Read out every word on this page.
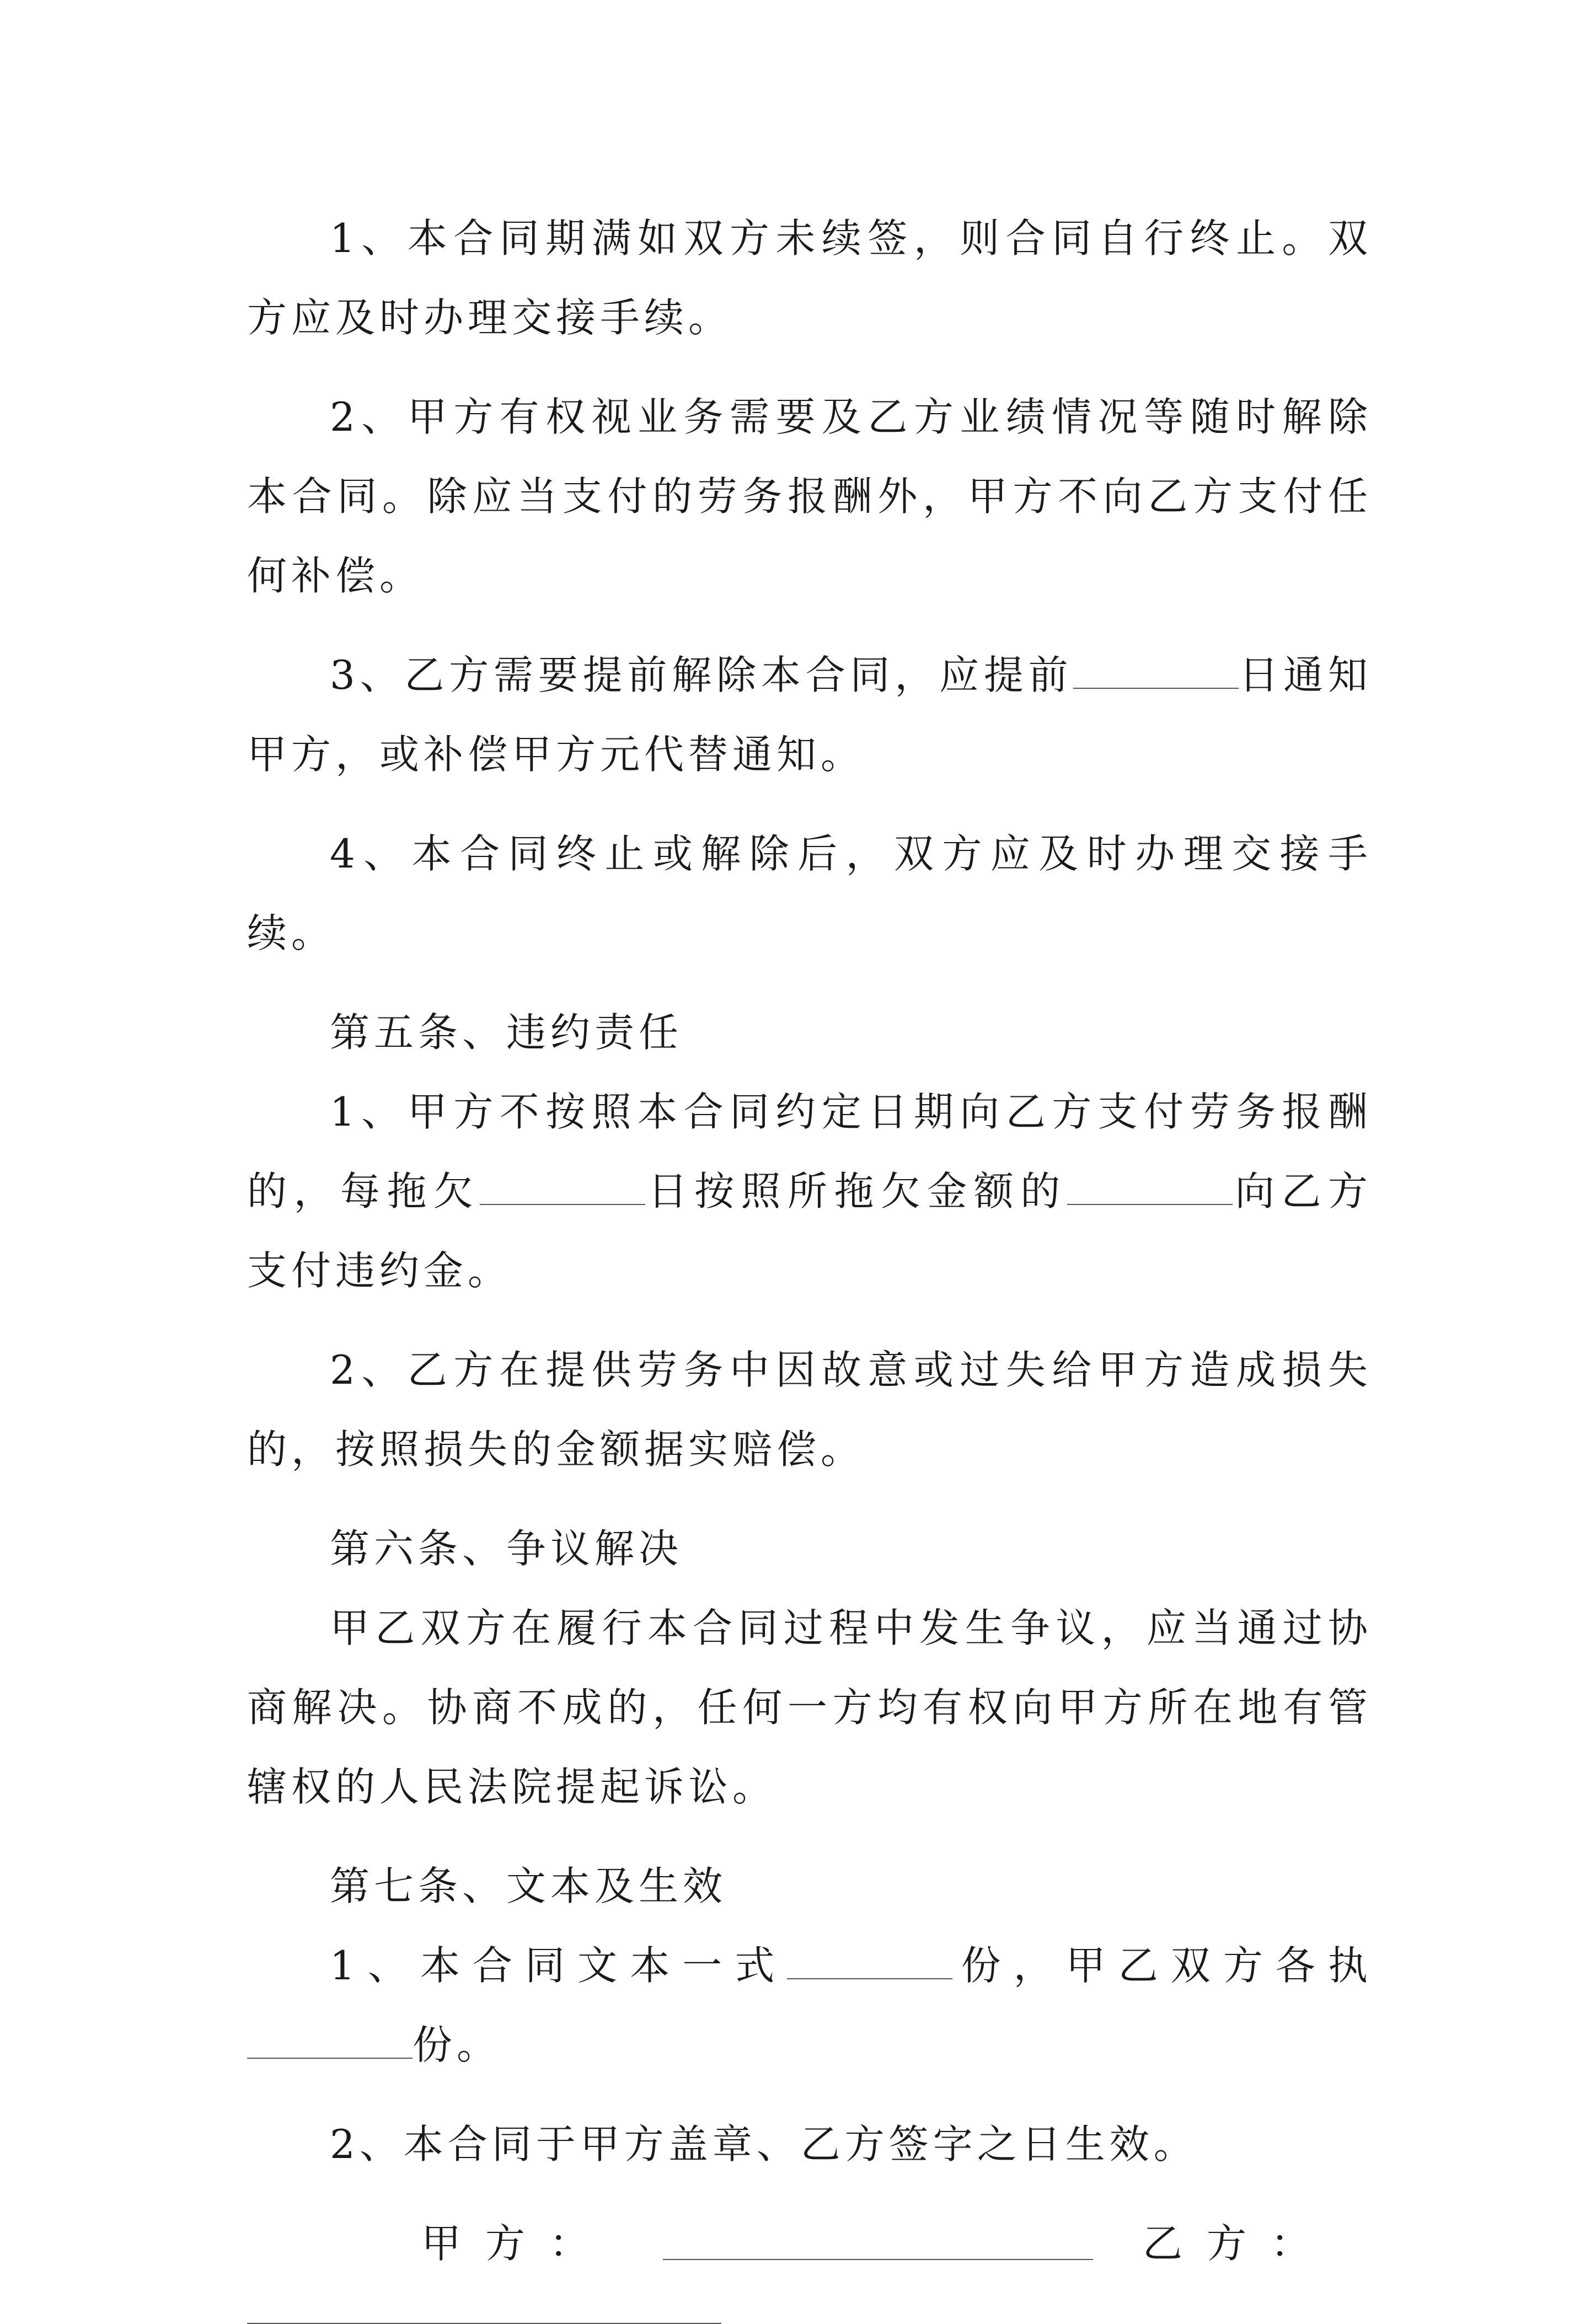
1、本合同期满如双方未续签，则合同自行终止。双方应及时办理交接手续。

2、甲方有权视业务需要及乙方业绩情况等随时解除本合同。除应当支付的劳务报酬外，甲方不向乙方支付任何补偿。

3、乙方需要提前解除本合同，应提前	日通知甲方，或补偿甲方元代替通知。

4、本合同终止或解除后，双方应及时办理交接手续。

第五条、违约责任

1、甲方不按照本合同约定日期向乙方支付劳务报酬的，每拖欠	日按照所拖欠金额的	向乙方支付违约金。

2、乙方在提供劳务中因故意或过失给甲方造成损失的，按照损失的金额据实赔偿。

第六条、争议解决

甲乙双方在履行本合同过程中发生争议，应当通过协商解决。协商不成的，任何一方均有权向甲方所在地有管辖权的人民法院提起诉讼。

第七条、文本及生效

1、本合同文本一式	份，甲乙双方各执份。

2、本合同于甲方盖章、乙方签字之日生效。

甲方：	乙方：
